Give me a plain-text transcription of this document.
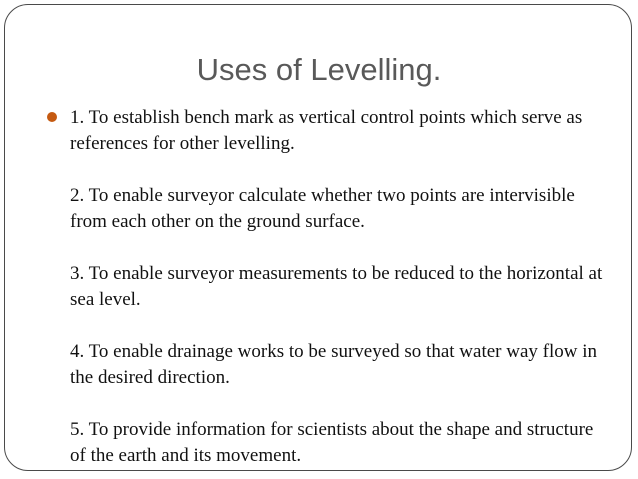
Uses of Levelling.

1. To establish bench mark as vertical control points which serve as references for other levelling.

2. To enable surveyor calculate whether two points are intervisible from each other on the ground surface.

3. To enable surveyor measurements to be reduced to the horizontal at sea level.

4. To enable drainage works to be surveyed so that water way flow in the desired direction.

5. To provide information for scientists about the shape and structure of the earth and its movement.
